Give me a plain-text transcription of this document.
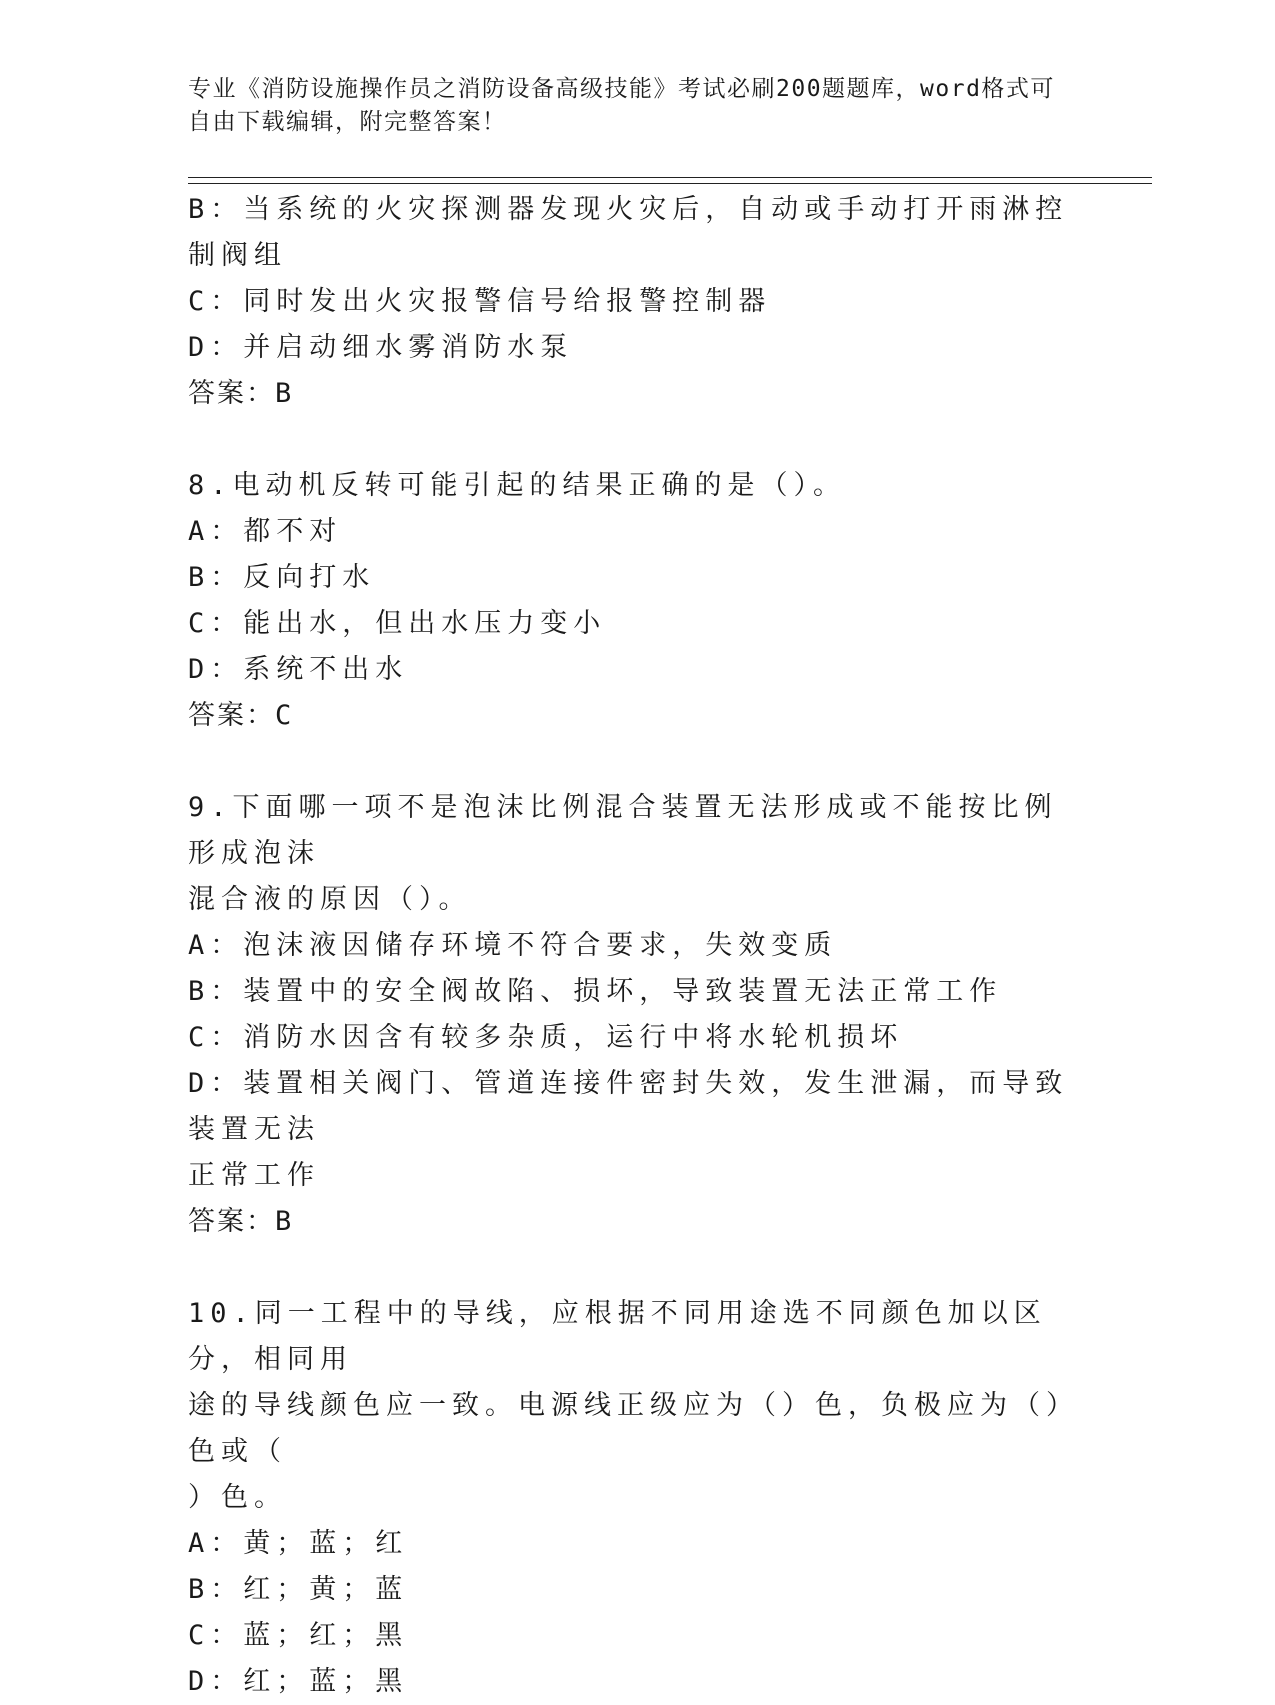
专业《消防设施操作员之消防设备高级技能》考试必刷200题题库，word格式可
自由下载编辑，附完整答案！
B：当系统的火灾探测器发现火灾后，自动或手动打开雨淋控制阀组
C：同时发出火灾报警信号给报警控制器
D：并启动细水雾消防水泵
答案：B
8.电动机反转可能引起的结果正确的是（）。
A：都不对
B：反向打水
C：能出水，但出水压力变小
D：系统不出水
答案：C
9.下面哪一项不是泡沫比例混合装置无法形成或不能按比例形成泡沫
混合液的原因（）。
A：泡沫液因储存环境不符合要求，失效变质
B：装置中的安全阀故陷、损坏，导致装置无法正常工作
C：消防水因含有较多杂质，运行中将水轮机损坏
D：装置相关阀门、管道连接件密封失效，发生泄漏，而导致装置无法
正常工作
答案：B
10.同一工程中的导线，应根据不同用途选不同颜色加以区分，相同用
途的导线颜色应一致。电源线正级应为（）色，负极应为（）色或（
）色。
A：黄；蓝；红
B：红；黄；蓝
C：蓝；红；黑
D：红；蓝；黑
